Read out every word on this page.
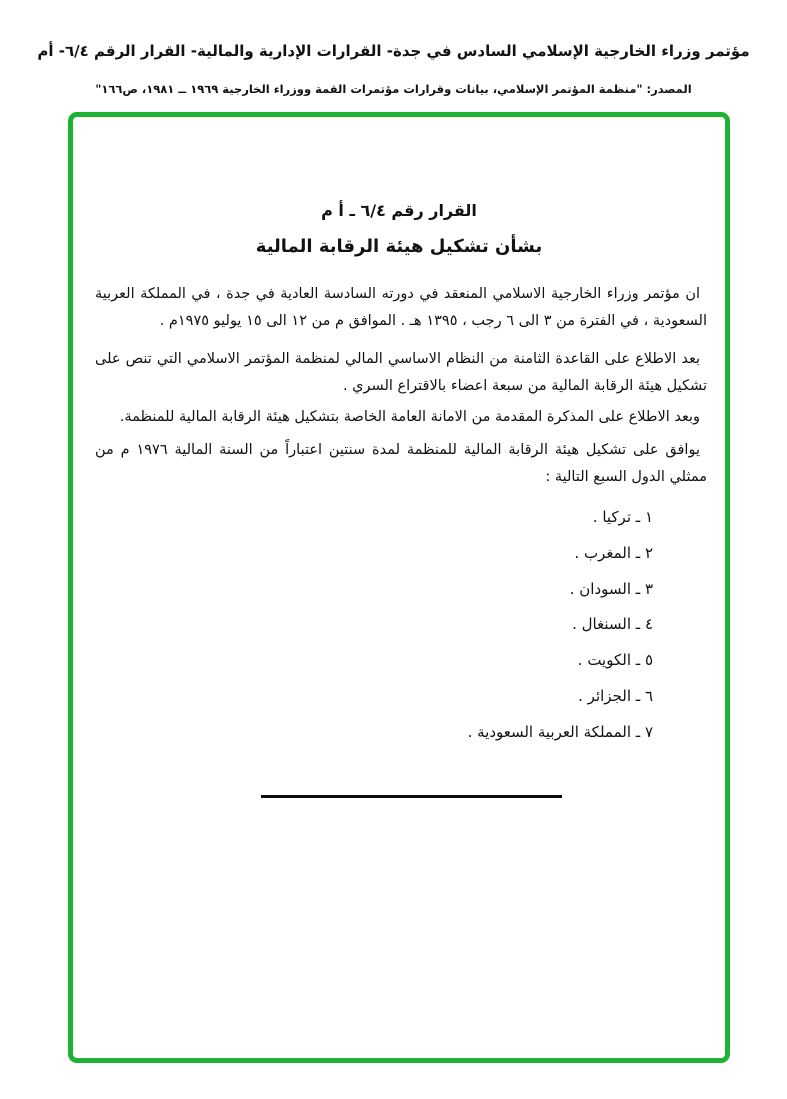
مؤتمر وزراء الخارجية الإسلامي السادس في جدة- القرارات الإدارية والمالية- القرار الرقم ٦/٤- أم
المصدر: "منظمة المؤتمر الإسلامي، بيانات وقرارات مؤتمرات القمة ووزراء الخارجية ١٩٦٩ ــ ١٩٨١، ص١٦٦"
القرار رقم ٦/٤ ـ أ م
بشأن تشكيل هيئة الرقابة المالية
ان مؤتمر وزراء الخارجية الاسلامي المنعقد في دورته السادسة العادية في جدة ، في المملكة العربية السعودية ، في الفترة من ٣ الى ٦ رجب ، ١٣٩٥ هـ . الموافق م من ١٢ الى ١٥ يوليو ١٩٧٥م .
بعد الاطلاع على القاعدة الثامنة من النظام الاساسي المالي لمنظمة المؤتمر الاسلامي التي تنص على تشكيل هيئة الرقابة المالية من سبعة اعضاء بالاقتراع السري .
وبعد الاطلاع على المذكرة المقدمة من الامانة العامة الخاصة بتشكيل هيئة الرقابة المالية للمنظمة.
يوافق على تشكيل هيئة الرقابة المالية للمنظمة لمدة سنتين اعتباراً من السنة المالية ١٩٧٦ م من ممثلي الدول السبع التالية :
١ ـ تركيا .
٢ ـ المغرب .
٣ ـ السودان .
٤ ـ السنغال .
٥ ـ الكويت .
٦ ـ الجزائر .
٧ ـ المملكة العربية السعودية .
